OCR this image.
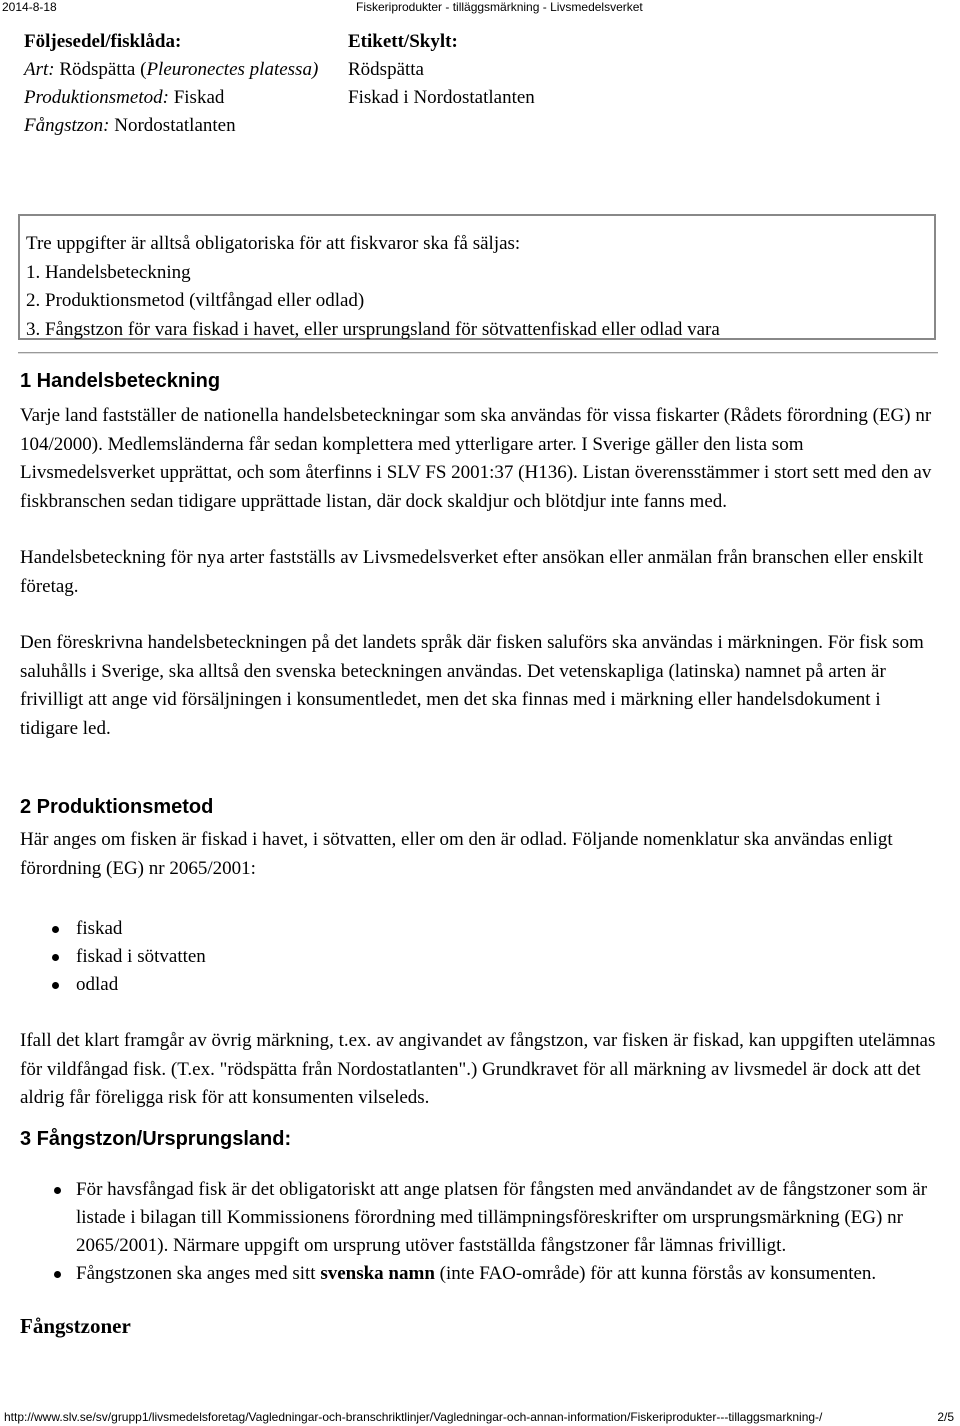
2014-8-18	Fiskeriprodukter - tilläggsmärkning - Livsmedelsverket
Följesedel/fisklåda:
Art: Rödspätta (Pleuronectes platessa)
Produktionsmetod: Fiskad
Fångstzon: Nordostatlanten
Etikett/Skylt:
Rödspätta
Fiskad i Nordostatlanten
Tre uppgifter är alltså obligatoriska för att fiskvaror ska få säljas:
1. Handelsbeteckning
2. Produktionsmetod (viltfångad eller odlad)
3. Fångstzon för vara fiskad i havet, eller ursprungsland för sötvattenfiskad eller odlad vara
1 Handelsbeteckning

Varje land fastställer de nationella handelsbeteckningar som ska användas för vissa fiskarter (Rådets förordning (EG) nr 104/2000). Medlemsländerna får sedan komplettera med ytterligare arter. I Sverige gäller den lista som Livsmedelsverket upprättat, och som återfinns i SLV FS 2001:37 (H136). Listan överensstämmer i stort sett med den av fiskbranschen sedan tidigare upprättade listan, där dock skaldjur och blötdjur inte fanns med.

Handelsbeteckning för nya arter fastställs av Livsmedelsverket efter ansökan eller anmälan från branschen eller enskilt företag.

Den föreskrivna handelsbeteckningen på det landets språk där fisken saluförs ska användas i märkningen. För fisk som saluhålls i Sverige, ska alltså den svenska beteckningen användas. Det vetenskapliga (latinska) namnet på arten är frivilligt att ange vid försäljningen i konsumentledet, men det ska finnas med i märkning eller handelsdokument i tidigare led.

2 Produktionsmetod

Här anges om fisken är fiskad i havet, i sötvatten, eller om den är odlad. Följande nomenklatur ska användas enligt förordning (EG) nr 2065/2001:

fiskad
fiskad i sötvatten
odlad

Ifall det klart framgår av övrig märkning, t.ex. av angivandet av fångstzon, var fisken är fiskad, kan uppgiften utelämnas för vildfångad fisk. (T.ex. "rödspätta från Nordostatlanten".) Grundkravet för all märkning av livsmedel är dock att det aldrig får föreligga risk för att konsumenten vilseleds.

3 Fångstzon/Ursprungsland:
För havsfångad fisk är det obligatoriskt att ange platsen för fångsten med användandet av de fångstzoner som är listade i bilagan till Kommissionens förordning med tillämpningsföreskrifter om ursprungsmärkning (EG) nr 2065/2001). Närmare uppgift om ursprung utöver fastställda fångstzoner får lämnas frivilligt.
Fångstzonen ska anges med sitt svenska namn (inte FAO-område) för att kunna förstås av konsumenten.
Fångstzoner
http://www.slv.se/sv/grupp1/livsmedelsforetag/Vagledningar-och-branschriktlinjer/Vagledningar-och-annan-information/Fiskeriprodukter---tillaggsmarkning-/	2/5
